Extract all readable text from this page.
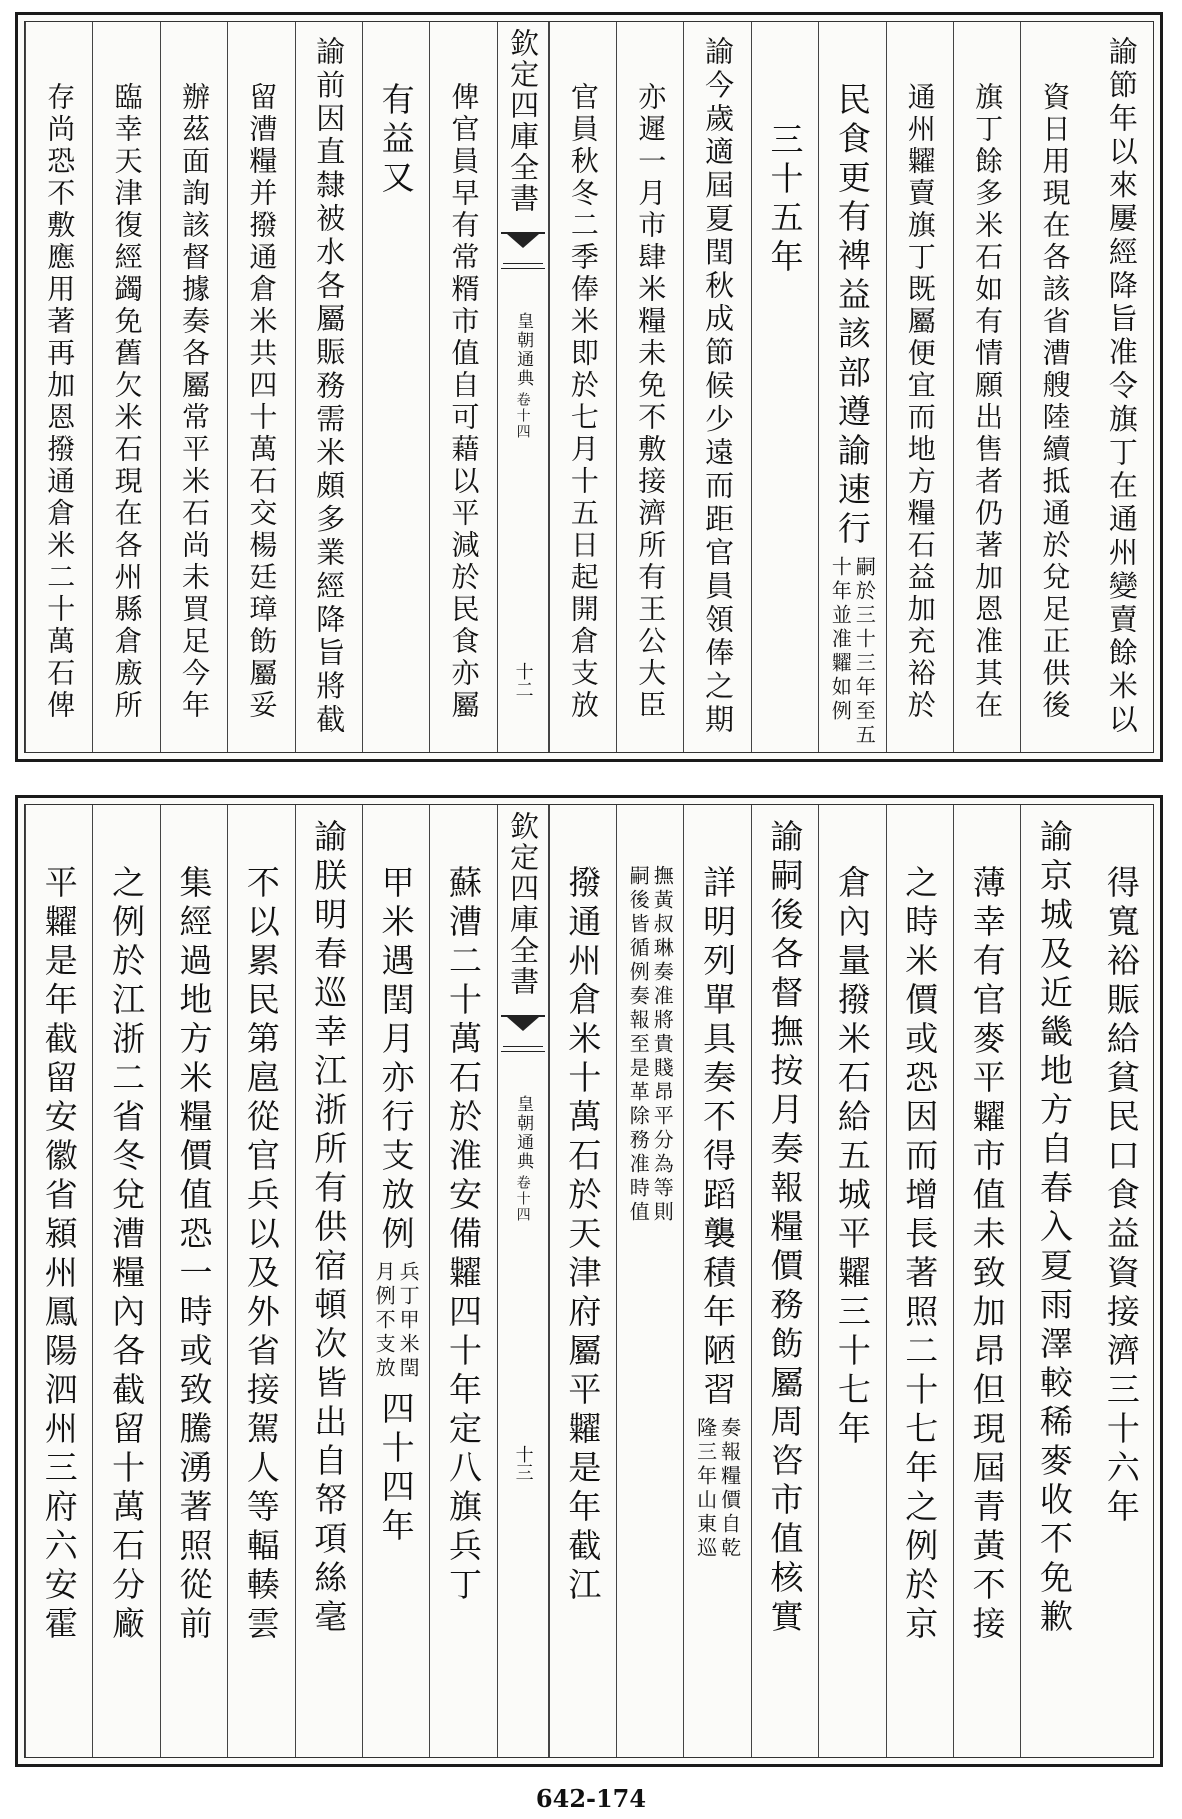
諭節年以來屢經降旨准令旗丁在通州變賣餘米以
資日用現在各該省漕艘陸續抵通於兌足正供後
旗丁餘多米石如有情願出售者仍著加恩准其在
通州糶賣旗丁既屬便宜而地方糧石益加充裕於
民食更有裨益該部遵諭速行
嗣於三十三年至五
十年並准糶如例
三十五年
諭今歲適屆夏閏秋成節候少遠而距官員領俸之期
亦遲一月市肆米糧未免不敷接濟所有王公大臣
官員秋冬二季俸米即於七月十五日起開倉支放
欽定四庫全書
皇朝通典
卷十四
十二
俾官員早有常糈市值自可藉以平減於民食亦屬
有益又
諭前因直隸被水各屬賑務需米頗多業經降旨將截
留漕糧并撥通倉米共四十萬石交楊廷璋飭屬妥
辦茲面詢該督據奏各屬常平米石尚未買足今年
臨幸天津復經蠲免舊欠米石現在各州縣倉廒所
存尚恐不敷應用著再加恩撥通倉米二十萬石俾
得寬裕賑給貧民口食益資接濟三十六年
諭京城及近畿地方自春入夏雨澤較稀麥收不免歉
薄幸有官麥平糶市值未致加昂但現屆青黃不接
之時米價或恐因而增長著照二十七年之例於京
倉內量撥米石給五城平糶三十七年
諭嗣後各督撫按月奏報糧價務飭屬周咨市值核實
詳明列單具奏不得蹈襲積年陋習
奏報糧價自乾
隆三年山東巡
撫黃叔琳奏准將貴賤昂平分為等則
嗣後皆循例奏報至是革除務准時值
撥通州倉米十萬石於天津府屬平糶是年截江
欽定四庫全書
皇朝通典
卷十四
十三
蘇漕二十萬石於淮安備糶四十年定八旗兵丁
甲米遇閏月亦行支放例
兵丁甲米閏
月例不支放
四十四年
諭朕明春巡幸江浙所有供宿頓次皆出自帑項絲毫
不以累民第扈從官兵以及外省接駕人等輻輳雲
集經過地方米糧價值恐一時或致騰湧著照從前
之例於江浙二省冬兌漕糧內各截留十萬石分廠
平糶是年截留安徽省潁州鳳陽泗州三府六安霍
642-174
